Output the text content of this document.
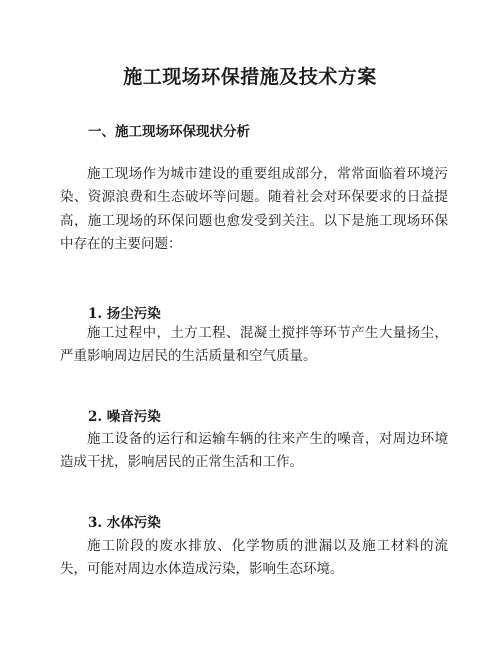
施工现场环保措施及技术方案
一、施工现场环保现状分析

施工现场作为城市建设的重要组成部分，常常面临着环境污染、资源浪费和生态破坏等问题。随着社会对环保要求的日益提高，施工现场的环保问题也愈发受到关注。以下是施工现场环保中存在的主要问题：

1. 扬尘污染

施工过程中，土方工程、混凝土搅拌等环节产生大量扬尘，严重影响周边居民的生活质量和空气质量。

2. 噪音污染

施工设备的运行和运输车辆的往来产生的噪音，对周边环境造成干扰，影响居民的正常生活和工作。

3. 水体污染

施工阶段的废水排放、化学物质的泄漏以及施工材料的流失，可能对周边水体造成污染，影响生态环境。
